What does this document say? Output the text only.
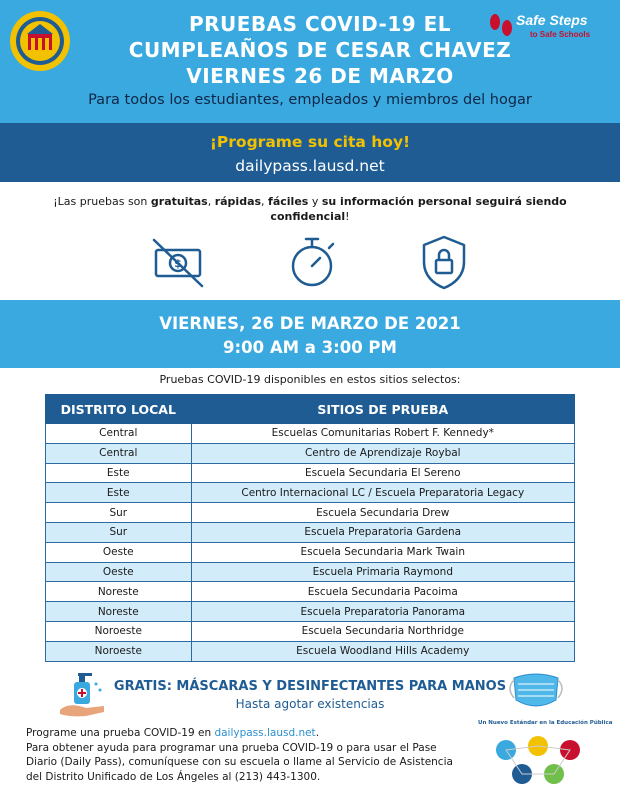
PRUEBAS COVID-19 EL
CUMPLEAÑOS DE CESAR CHAVEZ
VIERNES 26 DE MARZO
Para todos los estudiantes, empleados y miembros del hogar
Safe Steps
to Safe Schools
¡Programe su cita hoy!
dailypass.lausd.net
¡Las pruebas son gratuitas, rápidas, fáciles y su información personal seguirá siendo confidencial!
$
VIERNES, 26 DE MARZO DE 2021
9:00 AM a 3:00 PM
Pruebas COVID-19 disponibles en estos sitios selectos:
DISTRITO LOCAL	SITIOS DE PRUEBA
Central	Escuelas Comunitarias Robert F. Kennedy*
Central	Centro de Aprendizaje Roybal
Este	Escuela Secundaria El Sereno
Este	Centro Internacional LC / Escuela Preparatoria Legacy
Sur	Escuela Secundaria Drew
Sur	Escuela Preparatoria Gardena
Oeste	Escuela Secundaria Mark Twain
Oeste	Escuela Primaria Raymond
Noreste	Escuela Secundaria Pacoima
Noreste	Escuela Preparatoria Panorama
Noroeste	Escuela Secundaria Northridge
Noroeste	Escuela Woodland Hills Academy
GRATIS: MÁSCARAS Y DESINFECTANTES PARA MANOS
Hasta agotar existencias
Programe una prueba COVID-19 en dailypass.lausd.net.
Para obtener ayuda para programar una prueba COVID-19 o para usar el Pase Diario (Daily Pass), comuníquese con su escuela o llame al Servicio de Asistencia del Distrito Unificado de Los Ángeles al (213) 443-1300.
Un Nuevo Estándar en la Educación Pública
